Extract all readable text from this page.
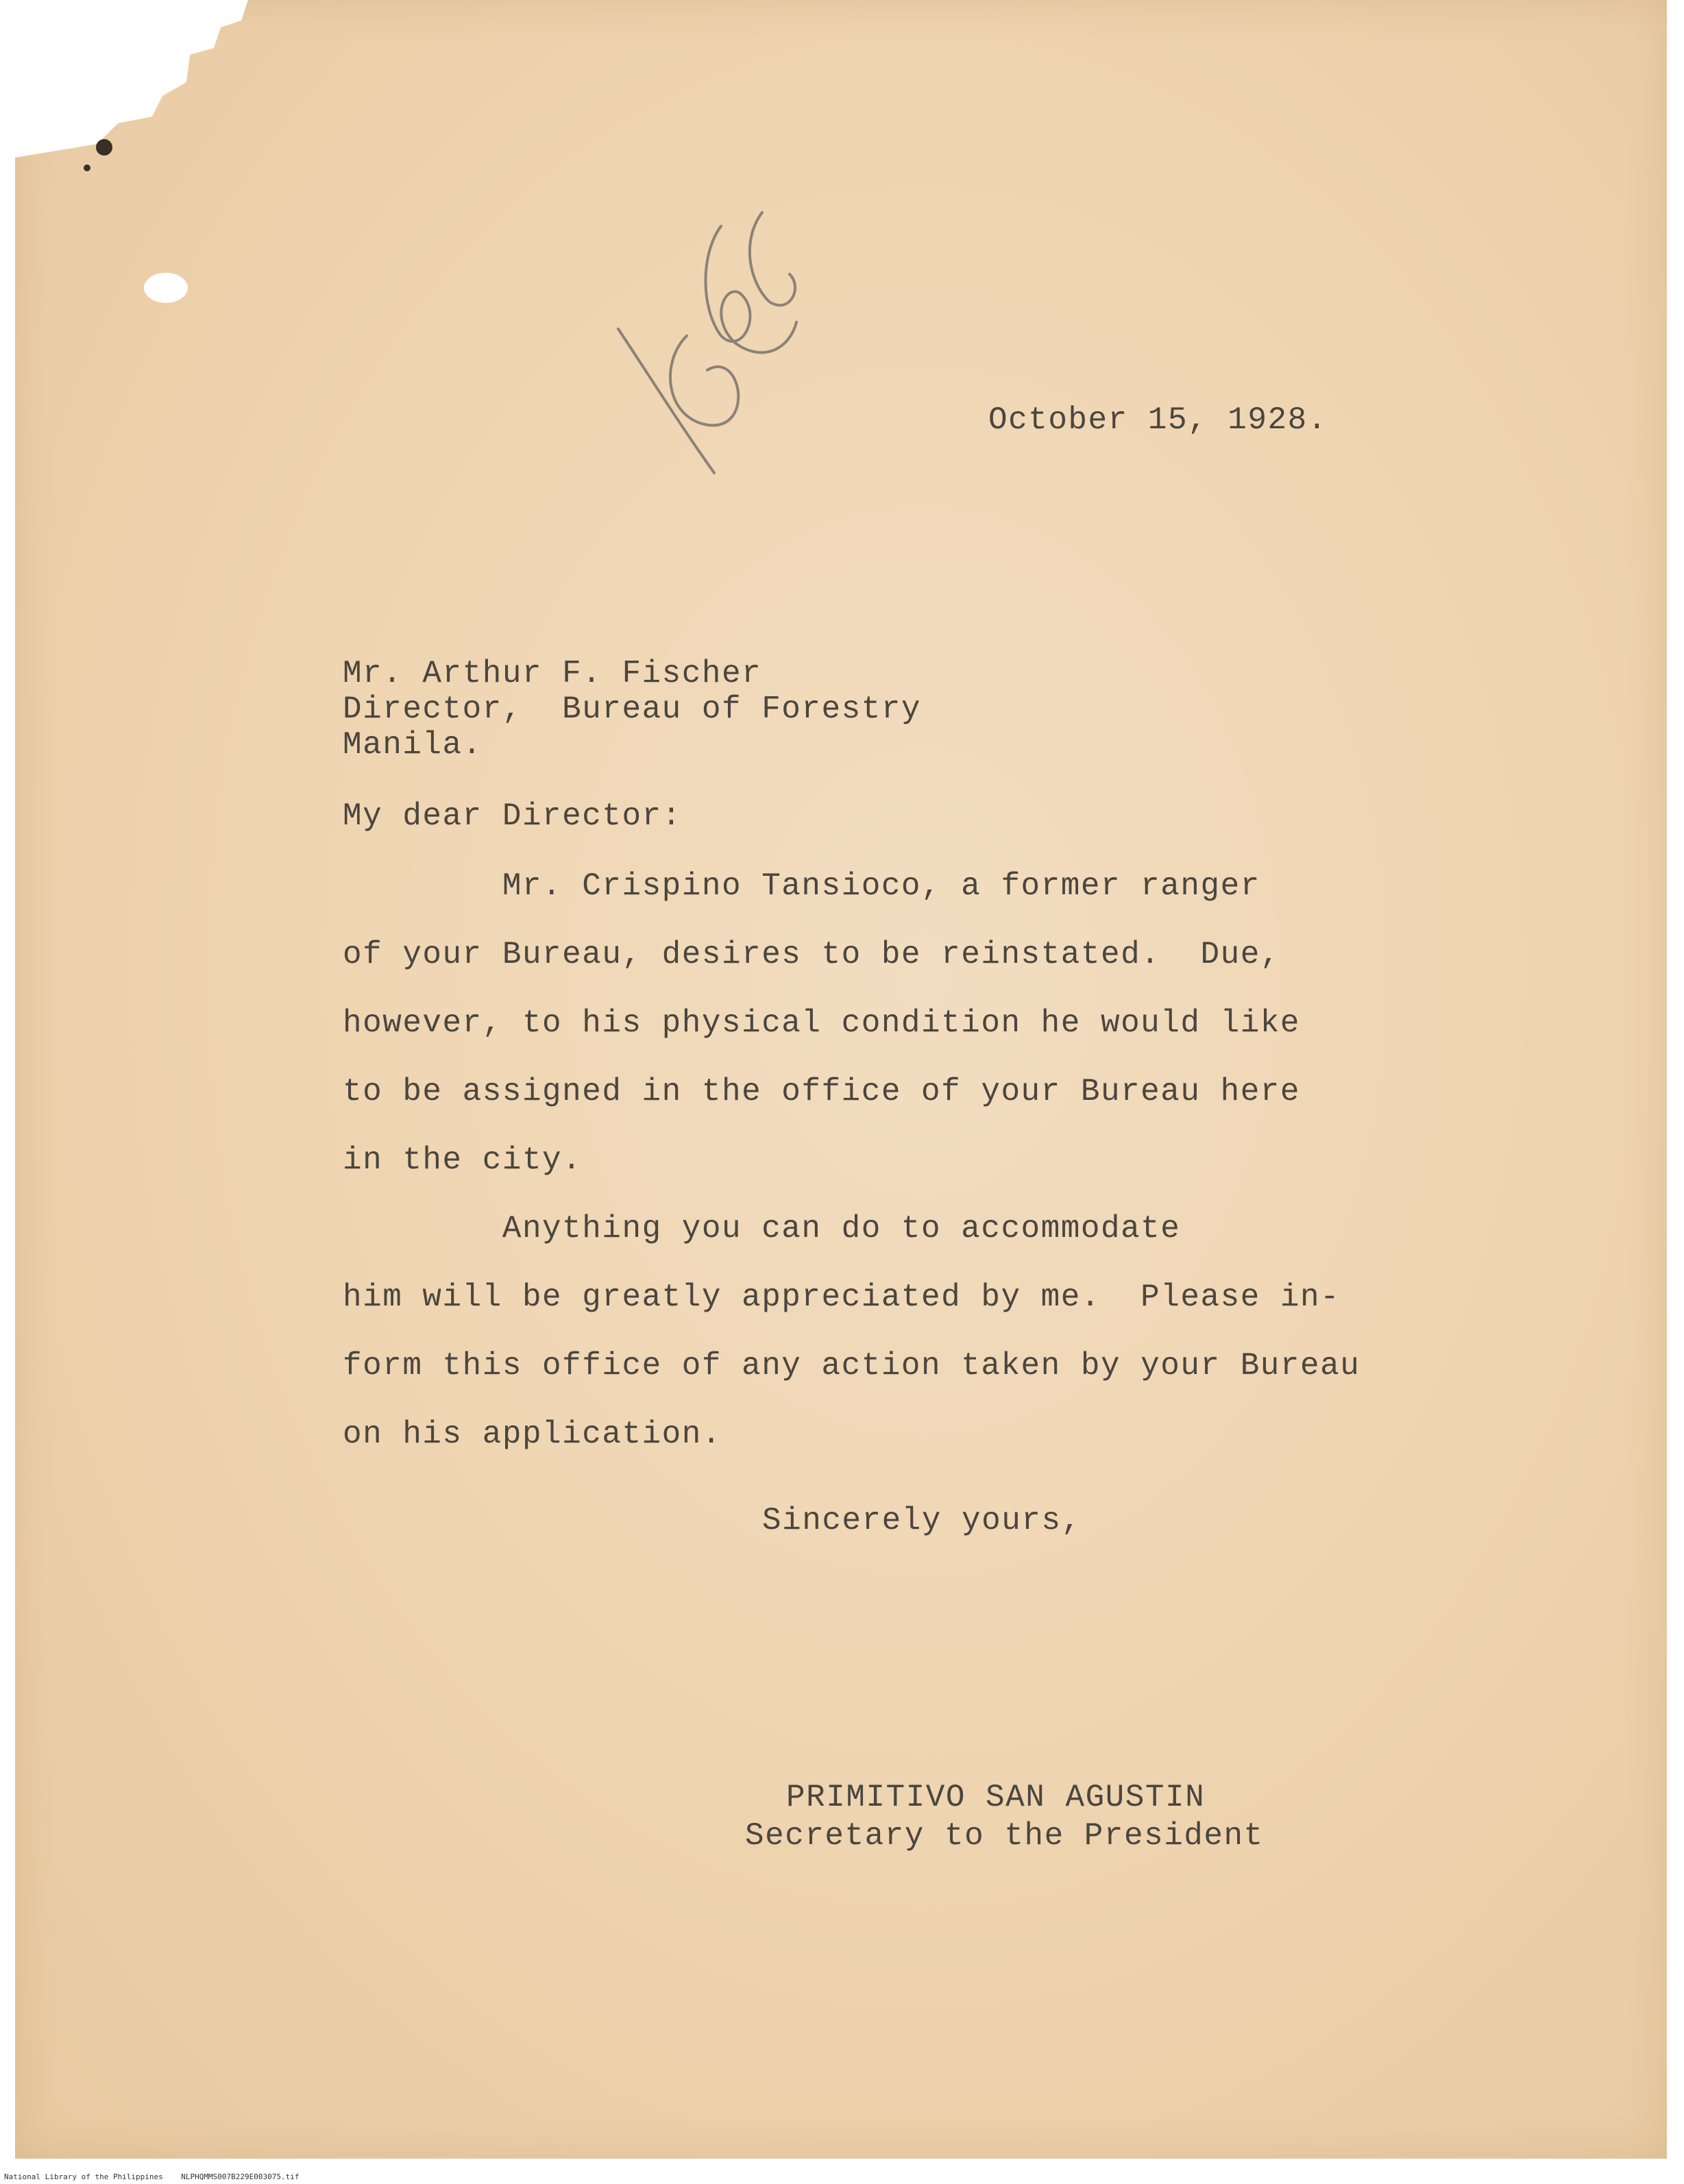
October 15, 1928.
Mr. Arthur F. Fischer
Director,  Bureau of Forestry
Manila.
My dear Director:
Mr. Crispino Tansioco, a former ranger
of your Bureau, desires to be reinstated.  Due,
however, to his physical condition he would like
to be assigned in the office of your Bureau here
in the city.
Anything you can do to accommodate
him will be greatly appreciated by me.  Please in-
form this office of any action taken by your Bureau
on his application.
Sincerely yours,
PRIMITIVO SAN AGUSTIN
Secretary to the President
National Library of the Philippines NLPHQMMS007B229E003075.tif
